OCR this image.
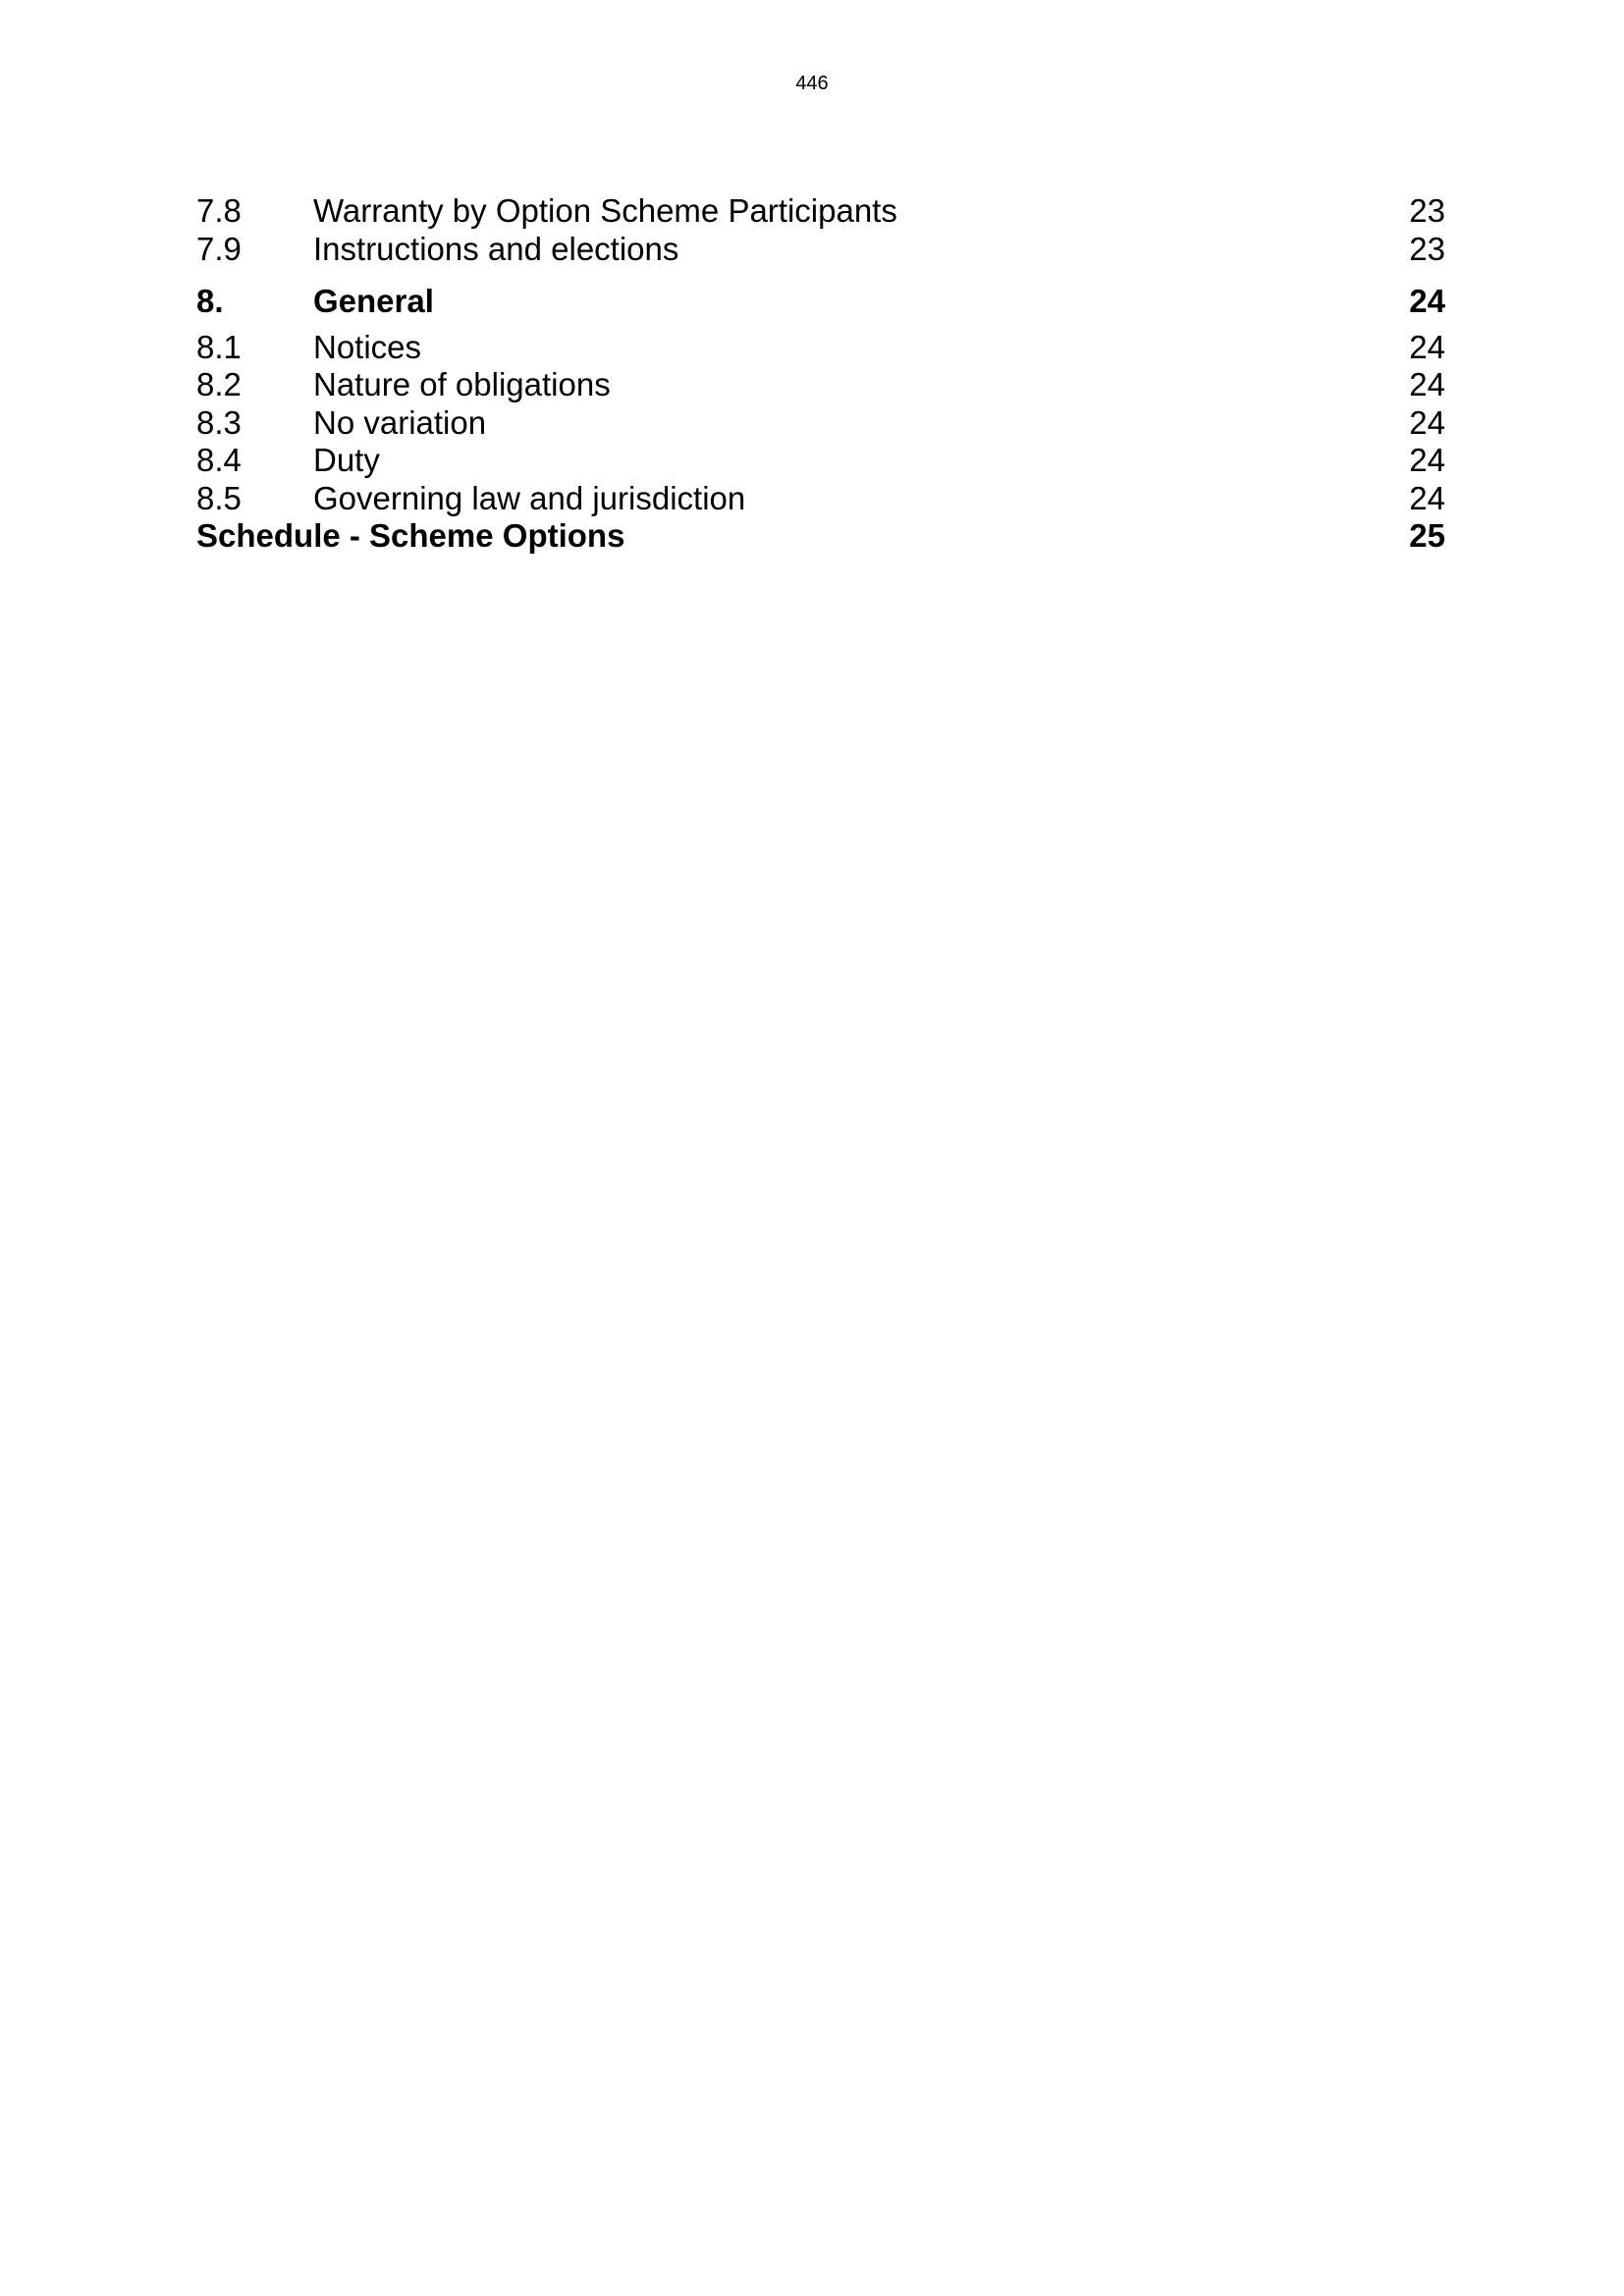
446
7.8	Warranty by Option Scheme Participants	23
7.9	Instructions and elections	23
8.	General	24
8.1	Notices	24
8.2	Nature of obligations	24
8.3	No variation	24
8.4	Duty	24
8.5	Governing law and jurisdiction	24
Schedule - Scheme Options	25
